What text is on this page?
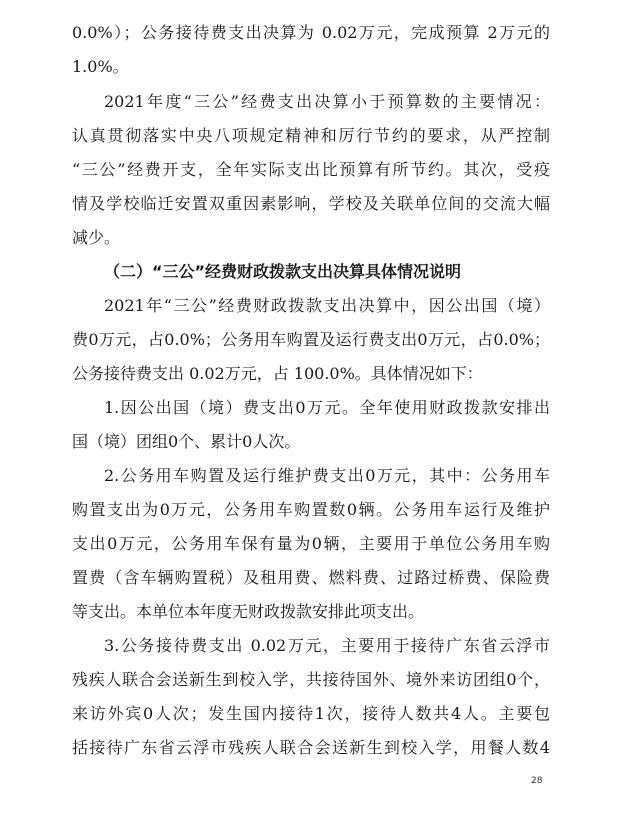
0.0%）；公务接待费支出决算为 0.02万元，完成预算 2万元的
1.0%。
2021年度“三公”经费支出决算小于预算数的主要情况：
认真贯彻落实中央八项规定精神和厉行节约的要求，从严控制
“三公”经费开支，全年实际支出比预算有所节约。其次，受疫
情及学校临迁安置双重因素影响，学校及关联单位间的交流大幅
减少。
（二）“三公”经费财政拨款支出决算具体情况说明
2021年“三公”经费财政拨款支出决算中，因公出国（境）
费0万元，占0.0%；公务用车购置及运行费支出0万元，占0.0%；
公务接待费支出 0.02万元，占 100.0%。具体情况如下：
1.因公出国（境）费支出0万元。全年使用财政拨款安排出
国（境）团组0个、累计0人次。
2.公务用车购置及运行维护费支出0万元，其中：公务用车
购置支出为0万元，公务用车购置数0辆。公务用车运行及维护
支出0万元，公务用车保有量为0辆，主要用于单位公务用车购
置费（含车辆购置税）及租用费、燃料费、过路过桥费、保险费
等支出。本单位本年度无财政拨款安排此项支出。
3.公务接待费支出 0.02万元，主要用于接待广东省云浮市
残疾人联合会送新生到校入学，共接待国外、境外来访团组0个，
来访外宾0人次；发生国内接待1次，接待人数共4人。主要包
括接待广东省云浮市残疾人联合会送新生到校入学，用餐人数4
28
